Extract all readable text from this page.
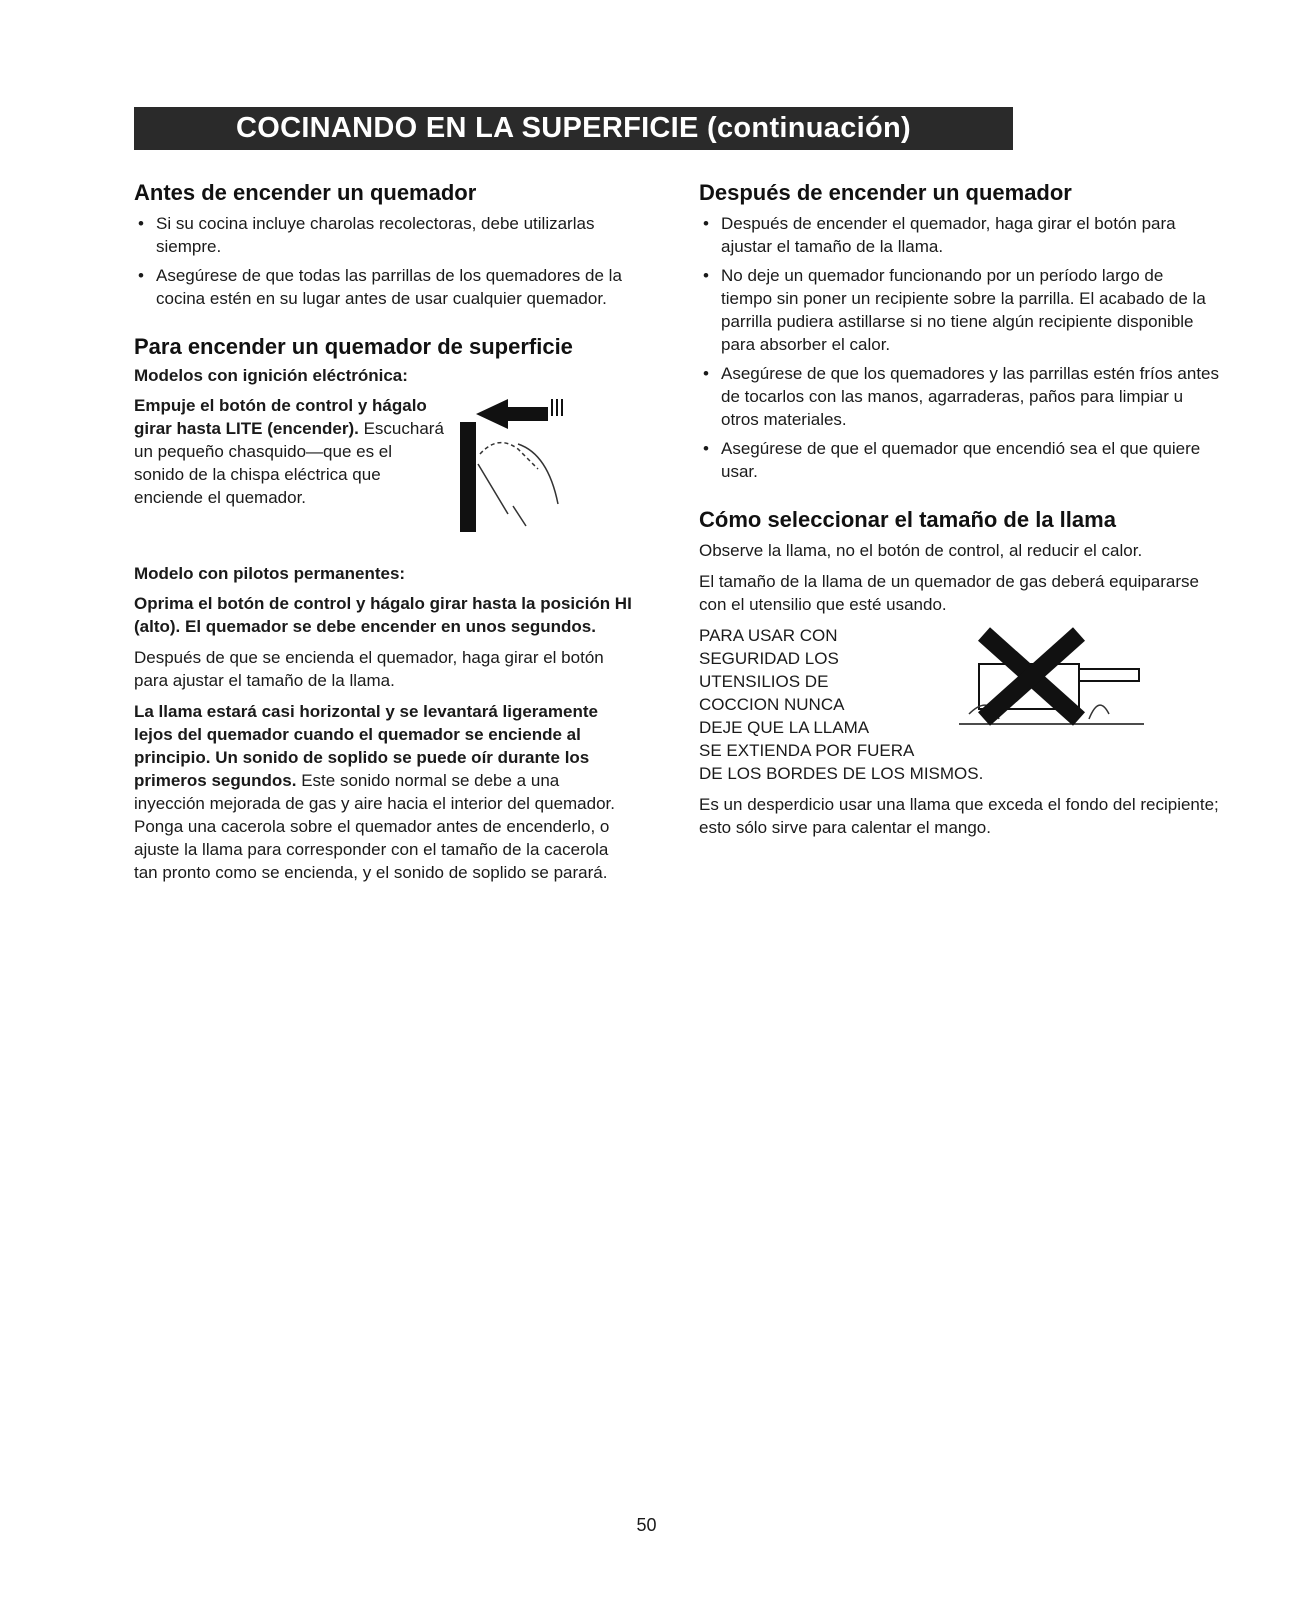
COCINANDO EN LA SUPERFICIE (continuación)
Antes de encender un quemador
• Si su cocina incluye charolas recolectoras, debe utilizarlas siempre.
• Asegúrese de que todas las parrillas de los quemadores de la cocina estén en su lugar antes de usar cualquier quemador.
Para encender un quemador de superficie
Modelos con ignición eléctrónica:
Empuje el botón de control y hágalo girar hasta LITE (encender). Escuchará un pequeño chasquido—que es el sonido de la chispa eléctrica que enciende el quemador.
Modelo con pilotos permanentes:

Oprima el botón de control y hágalo girar hasta la posición HI (alto). El quemador se debe encender en unos segundos.

Después de que se encienda el quemador, haga girar el botón para ajustar el tamaño de la llama.

La llama estará casi horizontal y se levantará ligeramente lejos del quemador cuando el quemador se enciende al principio. Un sonido de soplido se puede oír durante los primeros segundos. Este sonido normal se debe a una inyección mejorada de gas y aire hacia el interior del quemador. Ponga una cacerola sobre el quemador antes de encenderlo, o ajuste la llama para corresponder con el tamaño de la cacerola tan pronto como se encienda, y el sonido de soplido se parará.

Después de encender un quemador
• Después de encender el quemador, haga girar el botón para ajustar el tamaño de la llama.
• No deje un quemador funcionando por un período largo de tiempo sin poner un recipiente sobre la parrilla. El acabado de la parrilla pudiera astillarse si no tiene algún recipiente disponible para absorber el calor.
• Asegúrese de que los quemadores y las parrillas estén fríos antes de tocarlos con las manos, agarraderas, paños para limpiar u otros materiales.
• Asegúrese de que el quemador que encendió sea el que quiere usar.
Cómo seleccionar el tamaño de la llama

Observe la llama, no el botón de control, al reducir el calor.

El tamaño de la llama de un quemador de gas deberá equipararse con el utensilio que esté usando.

PARA USAR CON
SEGURIDAD LOS
UTENSILIOS DE
COCCION NUNCA
DEJE QUE LA LLAMA
SE EXTIENDA POR FUERA
DE LOS BORDES DE LOS MISMOS.

Es un desperdicio usar una llama que exceda el fondo del recipiente; esto sólo sirve para calentar el mango.

50
